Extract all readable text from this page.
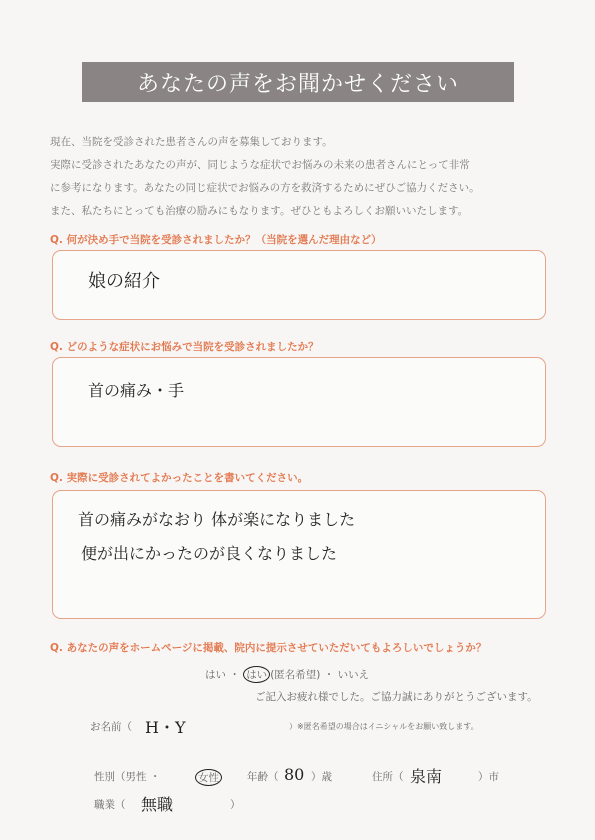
あなたの声をお聞かせください
現在、当院を受診された患者さんの声を募集しております。
実際に受診されたあなたの声が、同じような症状でお悩みの未来の患者さんにとって非常
に参考になります。あなたの同じ症状でお悩みの方を救済するためにぜひご協力ください。
また、私たちにとっても治療の励みにもなります。ぜひともよろしくお願いいたします。
Q. 何が決め手で当院を受診されましたか？（当院を選んだ理由など）
娘の紹介
Q. どのような症状にお悩みで当院を受診されましたか？
首の痛み・手
Q. 実際に受診されてよかったことを書いてください。
首の痛みがなおり 体が楽になりました
便が出にかったのが良くなりました
Q. あなたの声をホームページに掲載、院内に提示させていただいてもよろしいでしょうか？
はい ・ はい (匿名希望) ・ いいえ
ご記入お疲れ様でした。ご協力誠にありがとうございます。
お名前（ H・Y	）※匿名希望の場合はイニシャルをお願い致します。
性別（男性 ・	女性	年齢（ 80 ）歳	住所（ 泉南	）市
職業（ 無職	）
